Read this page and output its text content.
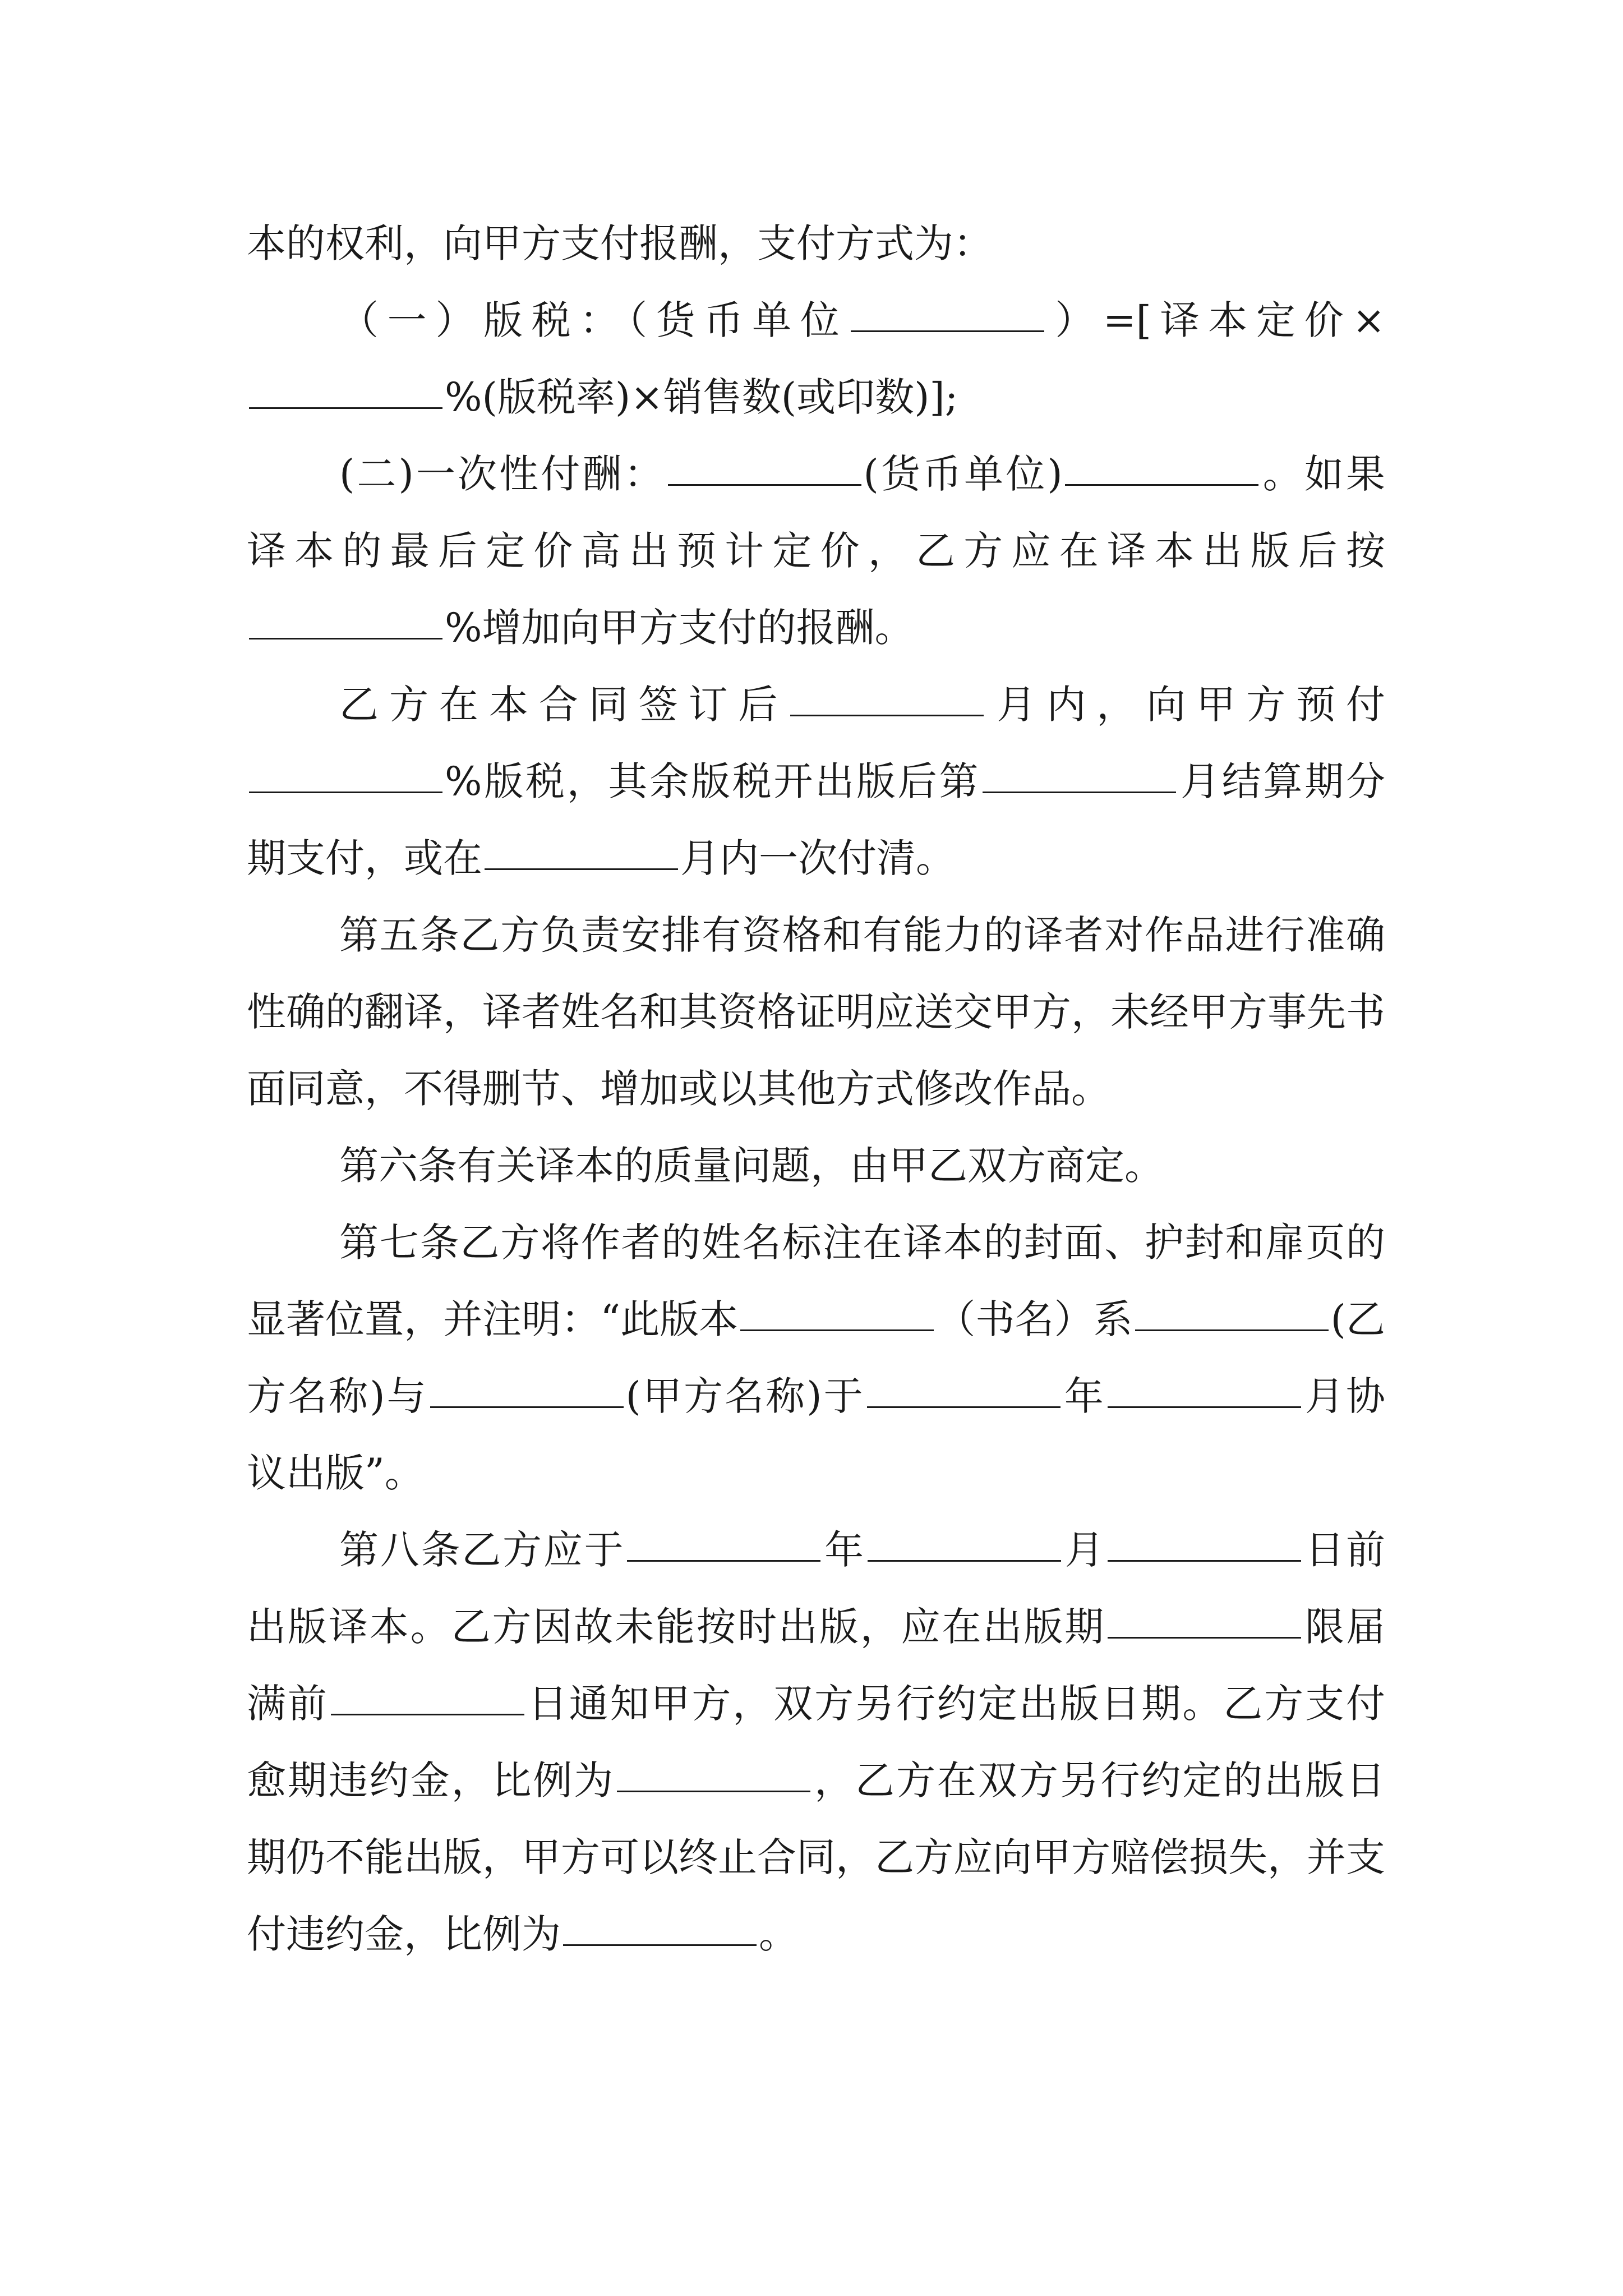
本的权利，向甲方支付报酬，支付方式为：

（一）版税：（货币单位	）=[译本定价×%(版税率)×销售数(或印数)];

(二)一次性付酬：	(货币单位)	。如果译本的最后定价高出预计定价，乙方应在译本出版后按%增加向甲方支付的报酬。

乙方在本合同签订后	月内，向甲方预付%版税，其余版税开出版后第	月结算期分期支付，或在	月内一次付清。

第五条乙方负责安排有资格和有能力的译者对作品进行准确性确的翻译，译者姓名和其资格证明应送交甲方，未经甲方事先书面同意，不得删节、增加或以其他方式修改作品。

第六条有关译本的质量问题，由甲乙双方商定。

第七条乙方将作者的姓名标注在译本的封面、护封和扉页的显著位置，并注明：“此版本	（书名）系	(乙方名称)与	(甲方名称)于	年	月协议出版”。

第八条乙方应于	年	月	日前出版译本。乙方因故未能按时出版，应在出版期	限届满前	日通知甲方，双方另行约定出版日期。乙方支付愈期违约金，比例为	，乙方在双方另行约定的出版日期仍不能出版，甲方可以终止合同，乙方应向甲方赔偿损失，并支付违约金，比例为	。
